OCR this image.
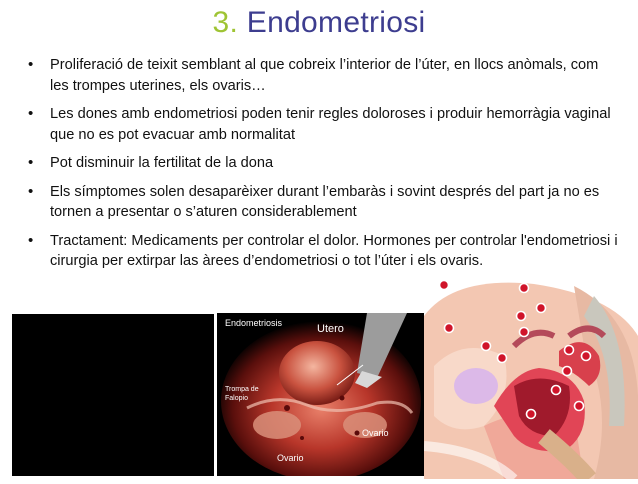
3. Endometriosi
• Proliferació de teixit semblant al que cobreix l’interior de l’úter, en llocs anòmals, com les trompes uterines, els ovaris…
• Les dones amb endometriosi poden tenir regles doloroses i produir hemorràgia vaginal que no es pot evacuar amb normalitat
• Pot disminuir la fertilitat de la dona
• Els símptomes solen desaparèixer durant l’embaràs i sovint després del part ja no es tornen a presentar o s’aturen considerablement
• Tractament: Medicaments per controlar el dolor. Hormones per controlar l'endometriosi i cirurgia per extirpar las àrees d’endometriosi o tot l’úter i els ovaris.
Endometriosis	Utero
Trompa de Falopio
Ovario
Ovario
